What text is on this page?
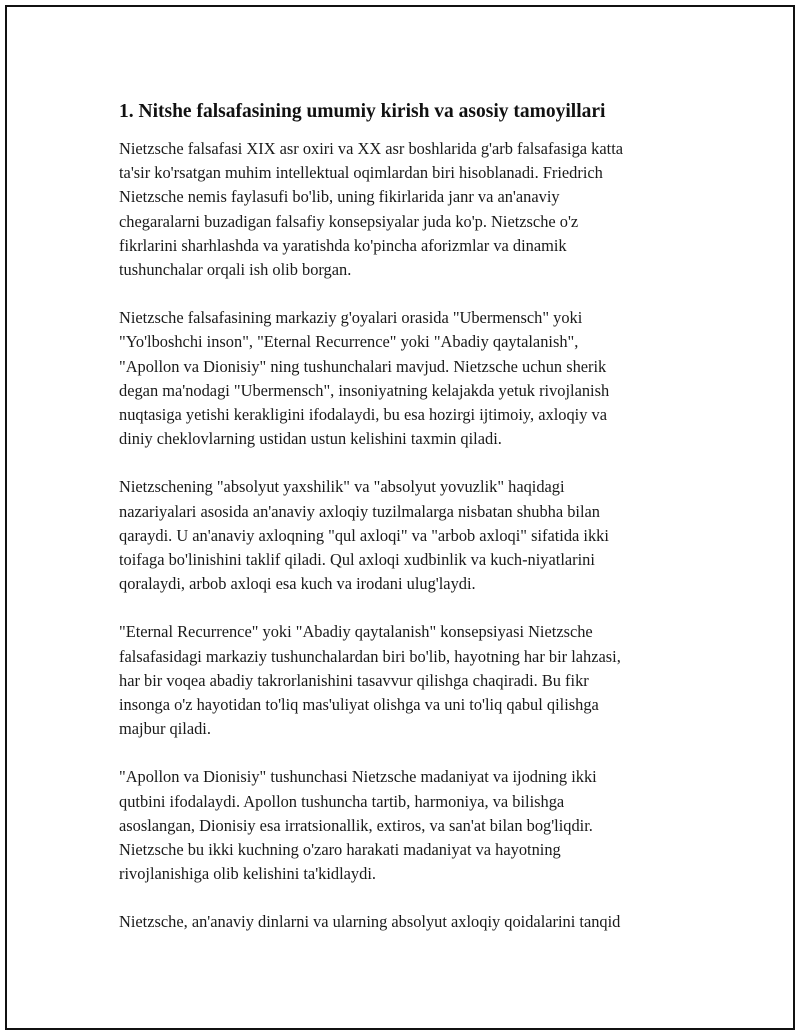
1. Nitshe falsafasining umumiy kirish va asosiy tamoyillari

Nietzsche falsafasi XIX asr oxiri va XX asr boshlarida g'arb falsafasiga katta
ta'sir ko'rsatgan muhim intellektual oqimlardan biri hisoblanadi. Friedrich
Nietzsche nemis faylasufi bo'lib, uning fikirlarida janr va an'anaviy
chegaralarni buzadigan falsafiy konsepsiyalar juda ko'p. Nietzsche o'z
fikrlarini sharhlashda va yaratishda ko'pincha aforizmlar va dinamik
tushunchalar orqali ish olib borgan.

Nietzsche falsafasining markaziy g'oyalari orasida "Ubermensch" yoki
"Yo'lboshchi inson", "Eternal Recurrence" yoki "Abadiy qaytalanish",
"Apollon va Dionisiy" ning tushunchalari mavjud. Nietzsche uchun sherik
degan ma'nodagi "Ubermensch", insoniyatning kelajakda yetuk rivojlanish
nuqtasiga yetishi kerakligini ifodalaydi, bu esa hozirgi ijtimoiy, axloqiy va
diniy cheklovlarning ustidan ustun kelishini taxmin qiladi.

Nietzschening "absolyut yaxshilik" va "absolyut yovuzlik" haqidagi
nazariyalari asosida an'anaviy axloqiy tuzilmalarga nisbatan shubha bilan
qaraydi. U an'anaviy axloqning "qul axloqi" va "arbob axloqi" sifatida ikki
toifaga bo'linishini taklif qiladi. Qul axloqi xudbinlik va kuch-niyatlarini
qoralaydi, arbob axloqi esa kuch va irodani ulug'laydi.

"Eternal Recurrence" yoki "Abadiy qaytalanish" konsepsiyasi Nietzsche
falsafasidagi markaziy tushunchalardan biri bo'lib, hayotning har bir lahzasi,
har bir voqea abadiy takrorlanishini tasavvur qilishga chaqiradi. Bu fikr
insonga o'z hayotidan to'liq mas'uliyat olishga va uni to'liq qabul qilishga
majbur qiladi.

"Apollon va Dionisiy" tushunchasi Nietzsche madaniyat va ijodning ikki
qutbini ifodalaydi. Apollon tushuncha tartib, harmoniya, va bilishga
asoslangan, Dionisiy esa irratsionallik, extiros, va san'at bilan bog'liqdir.
Nietzsche bu ikki kuchning o'zaro harakati madaniyat va hayotning
rivojlanishiga olib kelishini ta'kidlaydi.

Nietzsche, an'anaviy dinlarni va ularning absolyut axloqiy qoidalarini tanqid
